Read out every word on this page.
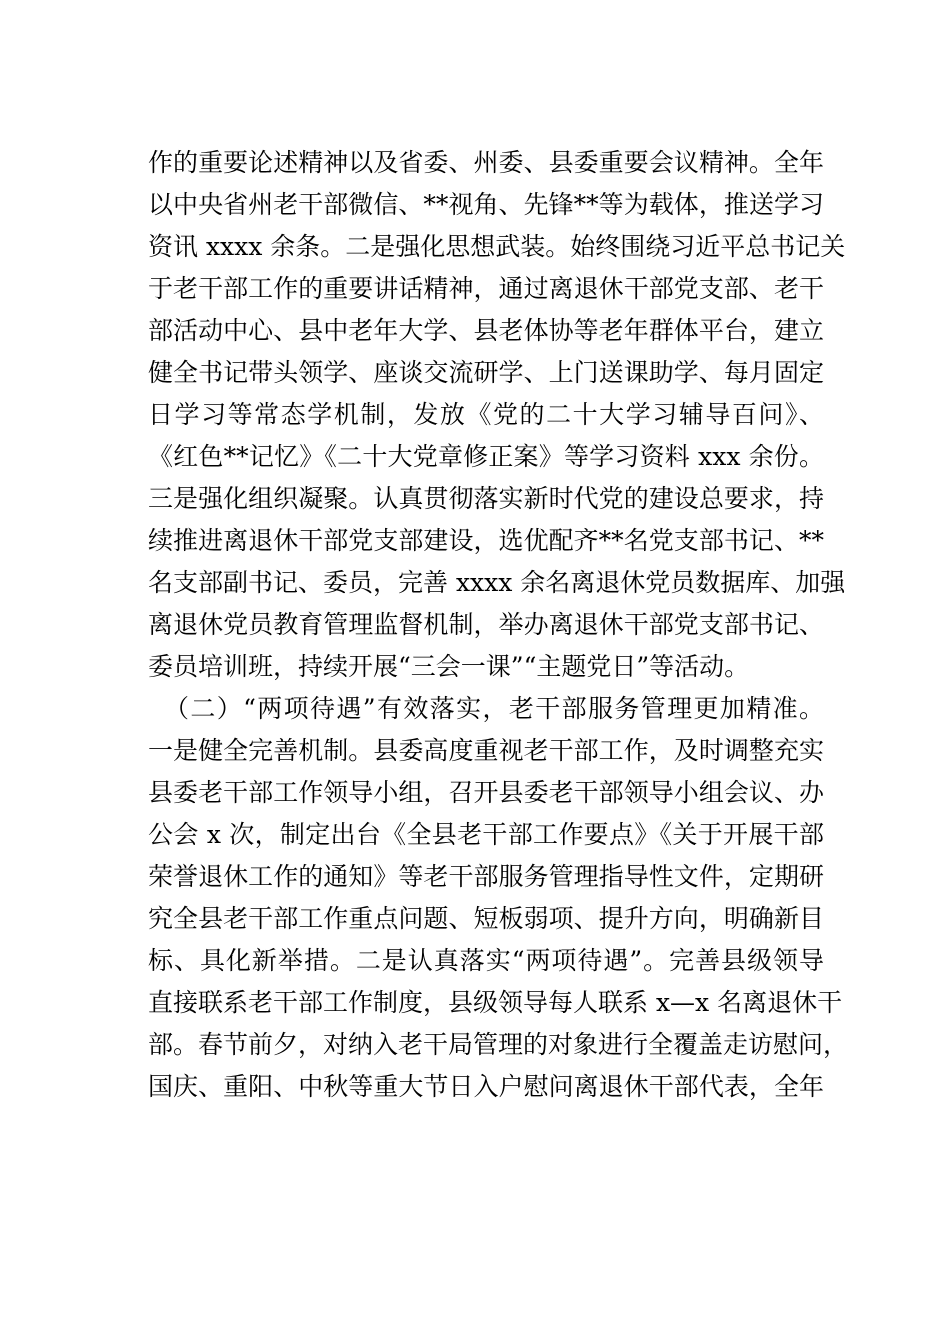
作的重要论述精神以及省委、州委、县委重要会议精神。全年
以中央省州老干部微信、**视角、先锋**等为载体，推送学习
资讯 xxxx 余条。二是强化思想武装。始终围绕习近平总书记关
于老干部工作的重要讲话精神，通过离退休干部党支部、老干
部活动中心、县中老年大学、县老体协等老年群体平台，建立
健全书记带头领学、座谈交流研学、上门送课助学、每月固定
日学习等常态学机制，发放《党的二十大学习辅导百问》、
《红色**记忆》《二十大党章修正案》等学习资料 xxx 余份。
三是强化组织凝聚。认真贯彻落实新时代党的建设总要求，持
续推进离退休干部党支部建设，选优配齐**名党支部书记、**
名支部副书记、委员，完善 xxxx 余名离退休党员数据库、加强
离退休党员教育管理监督机制，举办离退休干部党支部书记、
委员培训班，持续开展“三会一课”“主题党日”等活动。
（二）“两项待遇”有效落实，老干部服务管理更加精准。
一是健全完善机制。县委高度重视老干部工作，及时调整充实
县委老干部工作领导小组，召开县委老干部领导小组会议、办
公会 x 次，制定出台《全县老干部工作要点》《关于开展干部
荣誉退休工作的通知》等老干部服务管理指导性文件，定期研
究全县老干部工作重点问题、短板弱项、提升方向，明确新目
标、具化新举措。二是认真落实“两项待遇”。完善县级领导
直接联系老干部工作制度，县级领导每人联系 x—x 名离退休干
部。春节前夕，对纳入老干局管理的对象进行全覆盖走访慰问，
国庆、重阳、中秋等重大节日入户慰问离退休干部代表，全年
